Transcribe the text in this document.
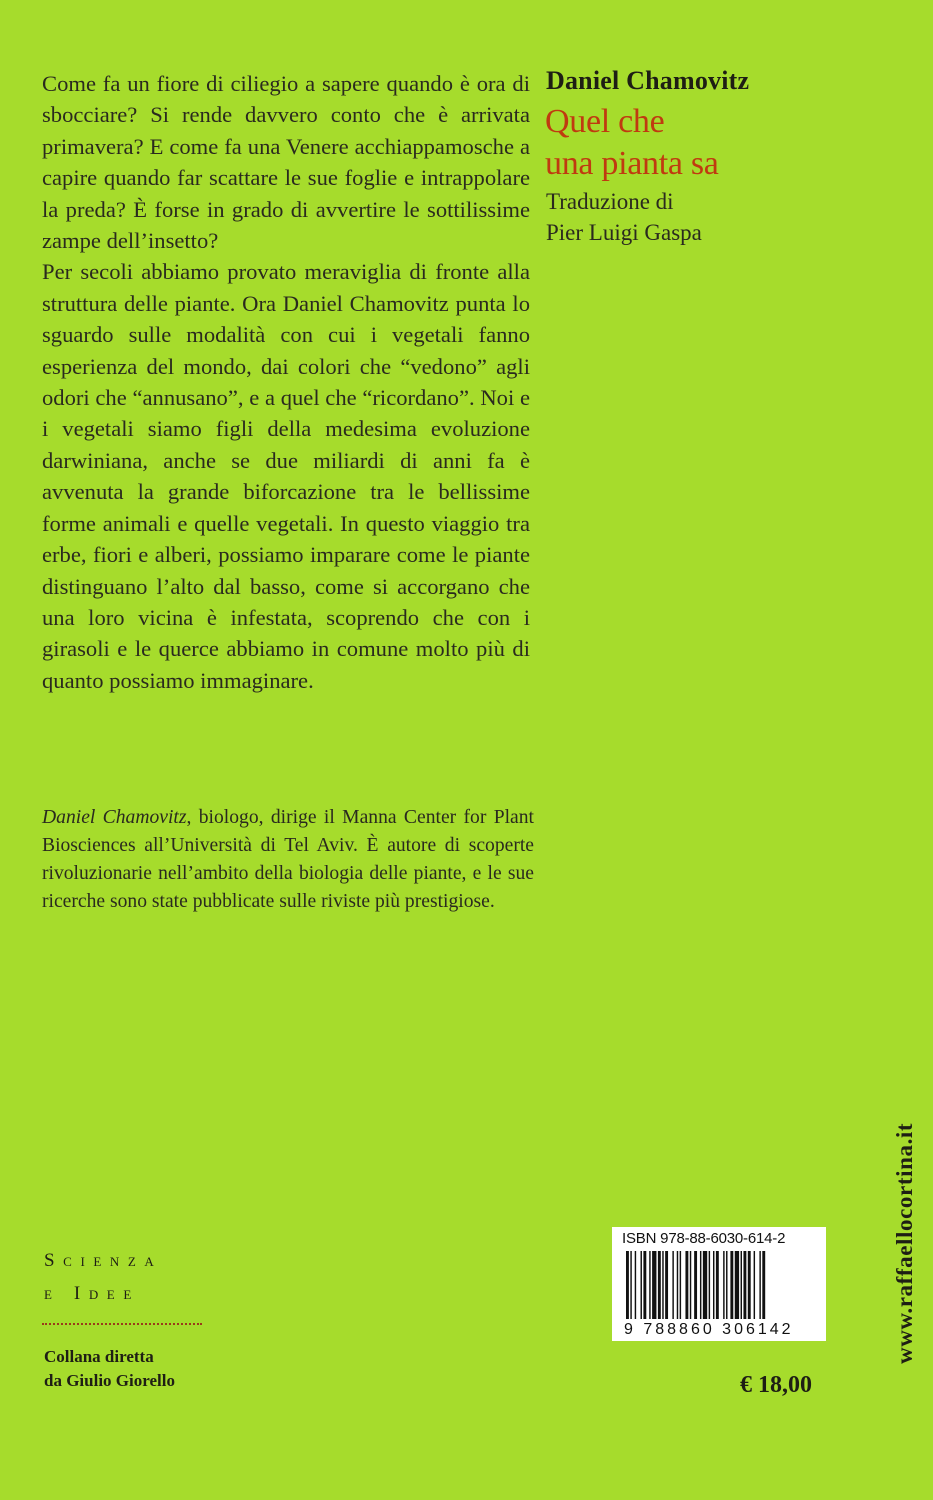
Come fa un fiore di ciliegio a sapere quando è ora di sbocciare? Si rende davvero conto che è arrivata primavera? E come fa una Venere acchiappamosche a capire quando far scattare le sue foglie e intrappolare la preda? È forse in grado di avvertire le sottilissime zampe dell’insetto?

Per secoli abbiamo provato meraviglia di fronte alla struttura delle piante. Ora Daniel Chamovitz punta lo sguardo sulle modalità con cui i vegetali fanno esperienza del mondo, dai colori che “vedono” agli odori che “annusano”, e a quel che “ricordano”. Noi e i vegetali siamo figli della medesima evoluzione darwiniana, anche se due miliardi di anni fa è avvenuta la grande biforcazione tra le bellissime forme animali e quelle vegetali. In questo viaggio tra erbe, fiori e alberi, possiamo imparare come le piante distinguano l’alto dal basso, come si accorgano che una loro vicina è infestata, scoprendo che con i girasoli e le querce abbiamo in comune molto più di quanto possiamo immaginare.

Daniel Chamovitz, biologo, dirige il Manna Center for Plant Biosciences all’Università di Tel Aviv. È autore di scoperte rivoluzionarie nell’ambito della biologia delle piante, e le sue ricerche sono state pubblicate sulle riviste più prestigiose.
Daniel Chamovitz
Quel che
una pianta sa
Traduzione di
Pier Luigi Gaspa
Scienza
e Idee
Collana diretta
da Giulio Giorello
ISBN 978-88-6030-614-2
9 788860 306142
€ 18,00
www.raffaellocortina.it
